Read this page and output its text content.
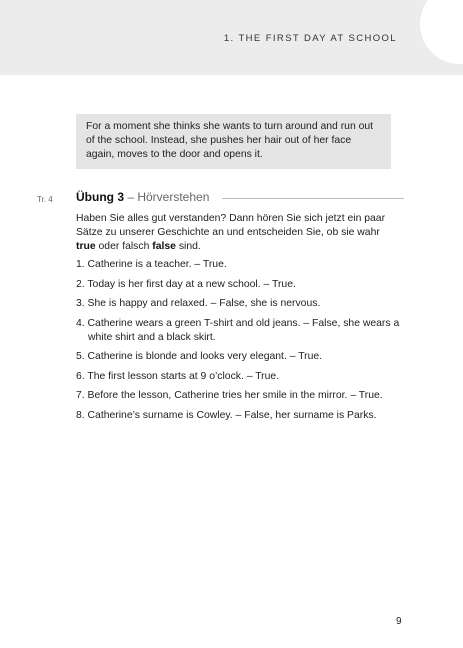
1. THE FIRST DAY AT SCHOOL
For a moment she thinks she wants to turn around and run out of the school. Instead, she pushes her hair out of her face again, moves to the door and opens it.
Tr. 4 Übung 3 – Hörverstehen
Haben Sie alles gut verstanden? Dann hören Sie sich jetzt ein paar Sätze zu unserer Geschichte an und entscheiden Sie, ob sie wahr true oder falsch false sind.
1. Catherine is a teacher. – True.
2. Today is her first day at a new school. – True.
3. She is happy and relaxed. – False, she is nervous.
4. Catherine wears a green T-shirt and old jeans. – False, she wears a white shirt and a black skirt.
5. Catherine is blonde and looks very elegant. – True.
6. The first lesson starts at 9 o’clock. – True.
7. Before the lesson, Catherine tries her smile in the mirror. – True.
8. Catherine’s surname is Cowley. – False, her surname is Parks.
9
